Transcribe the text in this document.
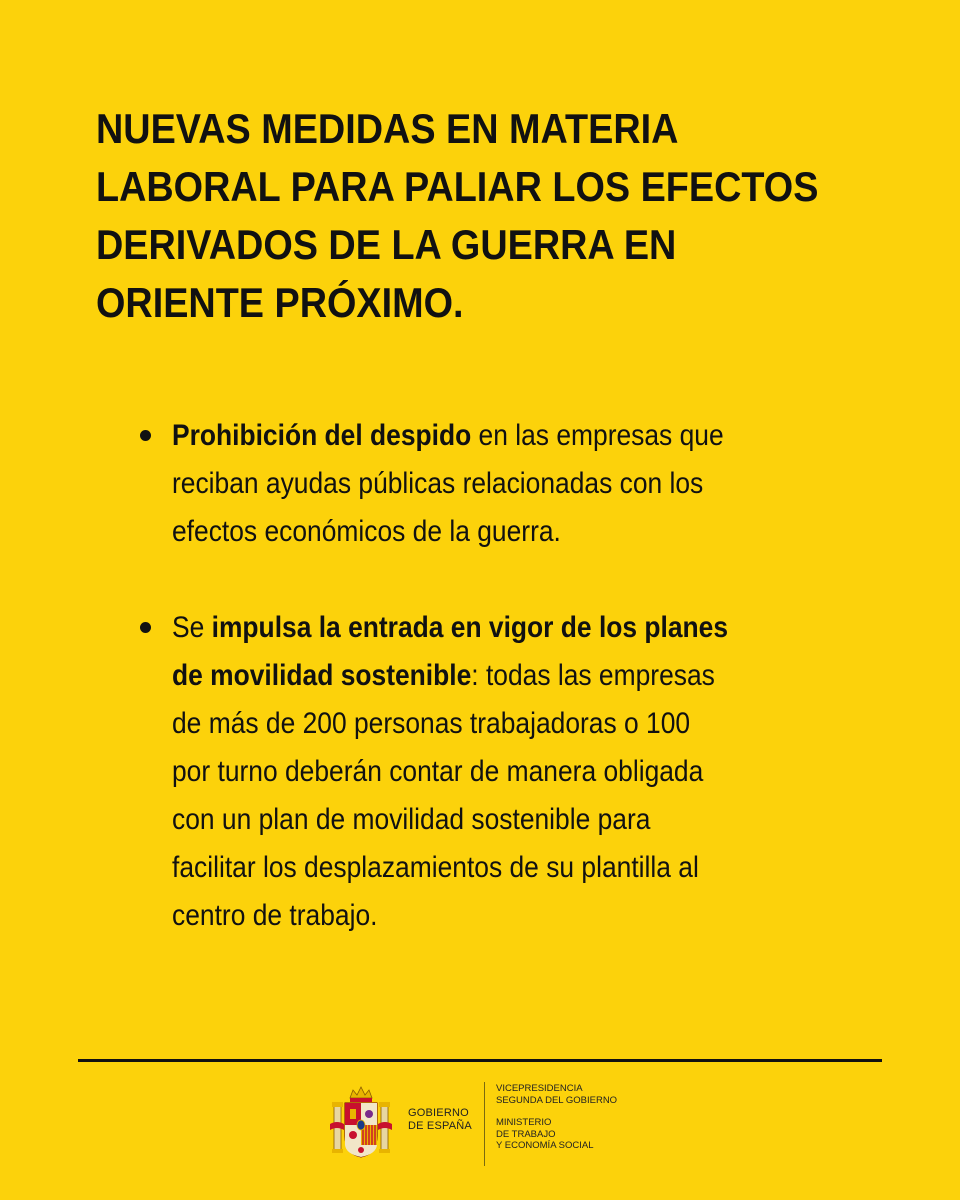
NUEVAS MEDIDAS EN MATERIA
LABORAL PARA PALIAR LOS EFECTOS
DERIVADOS DE LA GUERRA EN
ORIENTE PRÓXIMO.
Prohibición del despido en las empresas que
reciban ayudas públicas relacionadas con los
efectos económicos de la guerra.
Se impulsa la entrada en vigor de los planes
de movilidad sostenible: todas las empresas
de más de 200 personas trabajadoras o 100
por turno deberán contar de manera obligada
con un plan de movilidad sostenible para
facilitar los desplazamientos de su plantilla al
centro de trabajo.
GOBIERNO
DE ESPAÑA
VICEPRESIDENCIA
SEGUNDA DEL GOBIERNO
MINISTERIO
DE TRABAJO
Y ECONOMÍA SOCIAL
